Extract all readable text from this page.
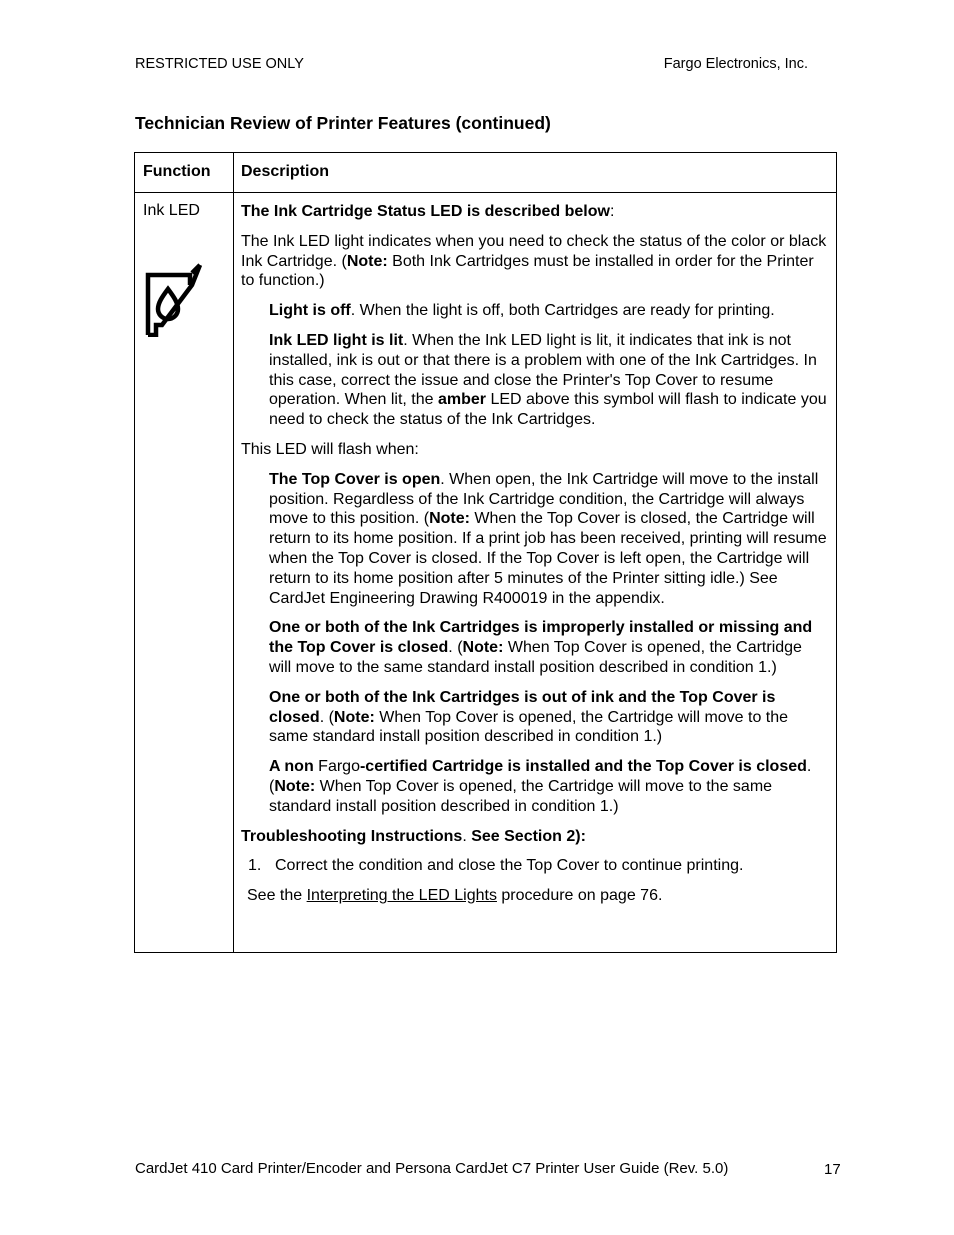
RESTRICTED USE ONLY	Fargo Electronics, Inc.
Technician Review of Printer Features (continued)
Function Description
Ink LED	The Ink Cartridge Status LED is described below:

The Ink LED light indicates when you need to check the status of the color or black Ink Cartridge. (Note: Both Ink Cartridges must be installed in order for the Printer to function.)

Light is off. When the light is off, both Cartridges are ready for printing.

Ink LED light is lit. When the Ink LED light is lit, it indicates that ink is not installed, ink is out or that there is a problem with one of the Ink Cartridges. In this case, correct the issue and close the Printer's Top Cover to resume operation. When lit, the amber LED above this symbol will flash to indicate you need to check the status of the Ink Cartridges.

This LED will flash when:

The Top Cover is open. When open, the Ink Cartridge will move to the install position. Regardless of the Ink Cartridge condition, the Cartridge will always move to this position. (Note: When the Top Cover is closed, the Cartridge will return to its home position. If a print job has been received, printing will resume when the Top Cover is closed. If the Top Cover is left open, the Cartridge will return to its home position after 5 minutes of the Printer sitting idle.) See CardJet Engineering Drawing R400019 in the appendix.

One or both of the Ink Cartridges is improperly installed or missing and the Top Cover is closed. (Note: When Top Cover is opened, the Cartridge will move to the same standard install position described in condition 1.)

One or both of the Ink Cartridges is out of ink and the Top Cover is closed. (Note: When Top Cover is opened, the Cartridge will move to the same standard install position described in condition 1.)

A non Fargo-certified Cartridge is installed and the Top Cover is closed. (Note: When Top Cover is opened, the Cartridge will move to the same standard install position described in condition 1.)

Troubleshooting Instructions. See Section 2):

1. Correct the condition and close the Top Cover to continue printing.

See the Interpreting the LED Lights procedure on page 76.

CardJet 410 Card Printer/Encoder and Persona CardJet C7 Printer User Guide (Rev. 5.0)	17
